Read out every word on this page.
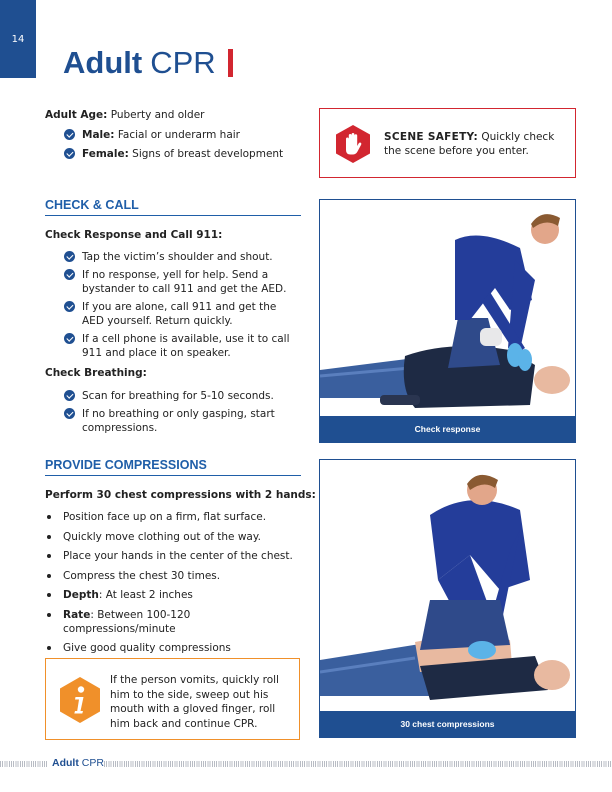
14
Adult CPR
Adult Age: Puberty and older
Male: Facial or underarm hair
Female: Signs of breast development
SCENE SAFETY: Quickly check the scene before you enter.
CHECK & CALL
Check Response and Call 911:
Tap the victim’s shoulder and shout.
If no response, yell for help. Send a bystander to call 911 and get the AED.
If you are alone, call 911 and get the AED yourself. Return quickly.
If a cell phone is available, use it to call 911 and place it on speaker.
Check Breathing:
Scan for breathing for 5-10 seconds.
If no breathing or only gasping, start compressions.
PROVIDE COMPRESSIONS
Perform 30 chest compressions with 2 hands:
Position face up on a firm, flat surface.
Quickly move clothing out of the way.
Place your hands in the center of the chest.
Compress the chest 30 times.
Depth: At least 2 inches
Rate: Between 100-120 compressions/minute
Give good quality compressions
If the person vomits, quickly roll him to the side, sweep out his mouth with a gloved finger, roll him back and continue CPR.
Check response
30 chest compressions
Adult CPR
